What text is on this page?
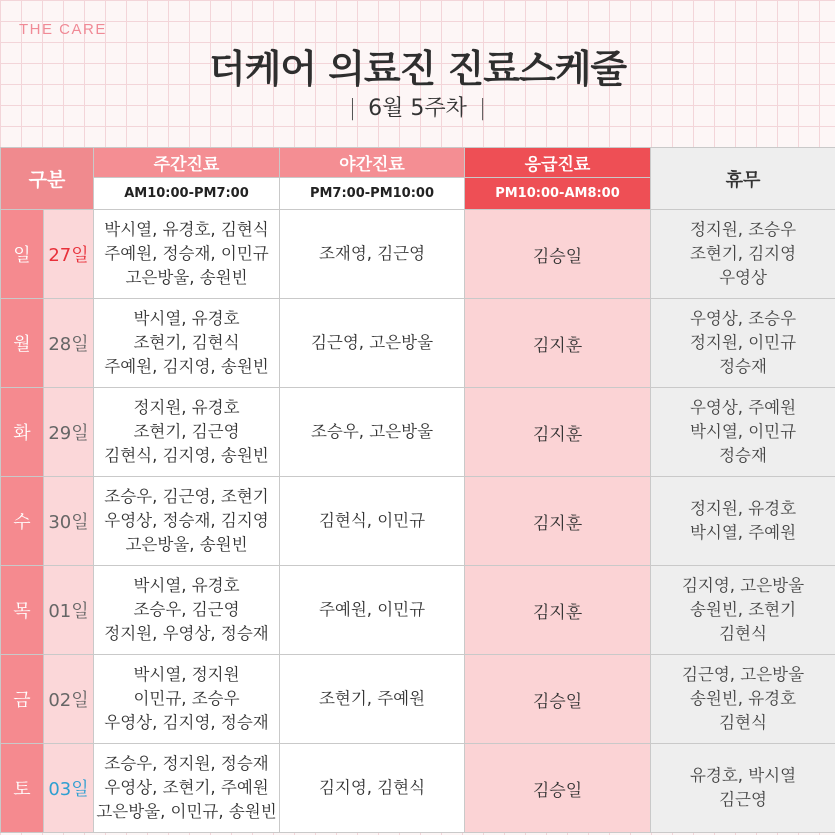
THE CARE
더케어 의료진 진료스케줄
| 6월 5주차 |
구분		주간진료	야간진료	응급진료	휴무
		AM10:00-PM7:00	PM7:00-PM10:00	PM10:00-AM8:00	
일	27일	박시열, 유경호, 김현식
주예원, 정승재, 이민규
고은방울, 송원빈	조재영, 김근영	김승일	정지원, 조승우
조현기, 김지영
우영상

월	28일	박시열, 유경호
조현기, 김현식
주예원, 김지영, 송원빈	김근영, 고은방울	김지훈	우영상, 조승우
정지원, 이민규
정승재

화	29일	정지원, 유경호
조현기, 김근영
김현식, 김지영, 송원빈	조승우, 고은방울	김지훈	우영상, 주예원
박시열, 이민규
정승재

수	30일	조승우, 김근영, 조현기
우영상, 정승재, 김지영
고은방울, 송원빈	김현식, 이민규	김지훈	정지원, 유경호
박시열, 주예원

목	01일	박시열, 유경호
조승우, 김근영
정지원, 우영상, 정승재	주예원, 이민규	김지훈	김지영, 고은방울
송원빈, 조현기
김현식

금	02일	박시열, 정지원
이민규, 조승우
우영상, 김지영, 정승재	조현기, 주예원	김승일	김근영, 고은방울
송원빈, 유경호
김현식

토	03일	조승우, 정지원, 정승재
우영상, 조현기, 주예원
고은방울, 이민규, 송원빈	김지영, 김현식	김승일	유경호, 박시열
김근영
